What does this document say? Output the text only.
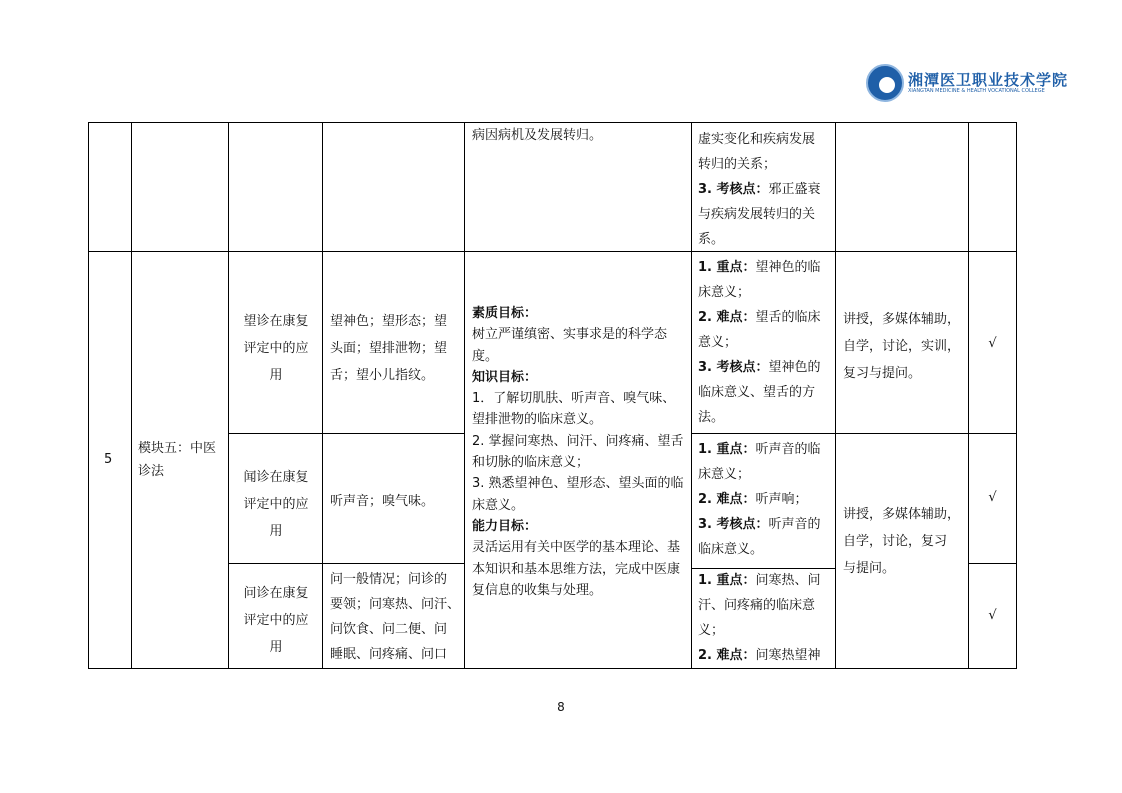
湘潭医卫职业技术学院
XIANGTAN MEDICINE & HEALTH VOCATIONAL COLLEGE
病因病机及发展转归。	虚实变化和疾病发展
转归的关系；
3. 考核点：邪正盛衰
与疾病发展转归的关
系。
5
模块五：中医
诊法
素质目标：
树立严谨缜密、实事求是的科学态度。
知识目标：
1．了解切肌肤、听声音、嗅气味、望排泄物的临床意义。
2. 掌握问寒热、问汗、问疼痛、望舌和切脉的临床意义；
3. 熟悉望神色、望形态、望头面的临床意义。
能力目标：
灵活运用有关中医学的基本理论、基本知识和基本思维方法，完成中医康复信息的收集与处理。
望诊在康复
评定中的应
用
望神色；望形态；望
头面；望排泄物；望
舌；望小儿指纹。
1. 重点：望神色的临
床意义；
2. 难点：望舌的临床
意义；
3. 考核点：望神色的
临床意义、望舌的方
法。
讲授，多媒体辅助，
自学，讨论，实训，
复习与提问。
√
闻诊在康复
评定中的应
用
听声音；嗅气味。
1. 重点：听声音的临
床意义；
2. 难点：听声响；
3. 考核点：听声音的
临床意义。
讲授，多媒体辅助，
自学，讨论，复习
与提问。
√
问诊在康复
评定中的应
用
问一般情况；问诊的
要领；问寒热、问汗、
问饮食、问二便、问
睡眠、问疼痛、问口
1. 重点：问寒热、问
汗、问疼痛的临床意
义；
2. 难点：问寒热望神
√
8
